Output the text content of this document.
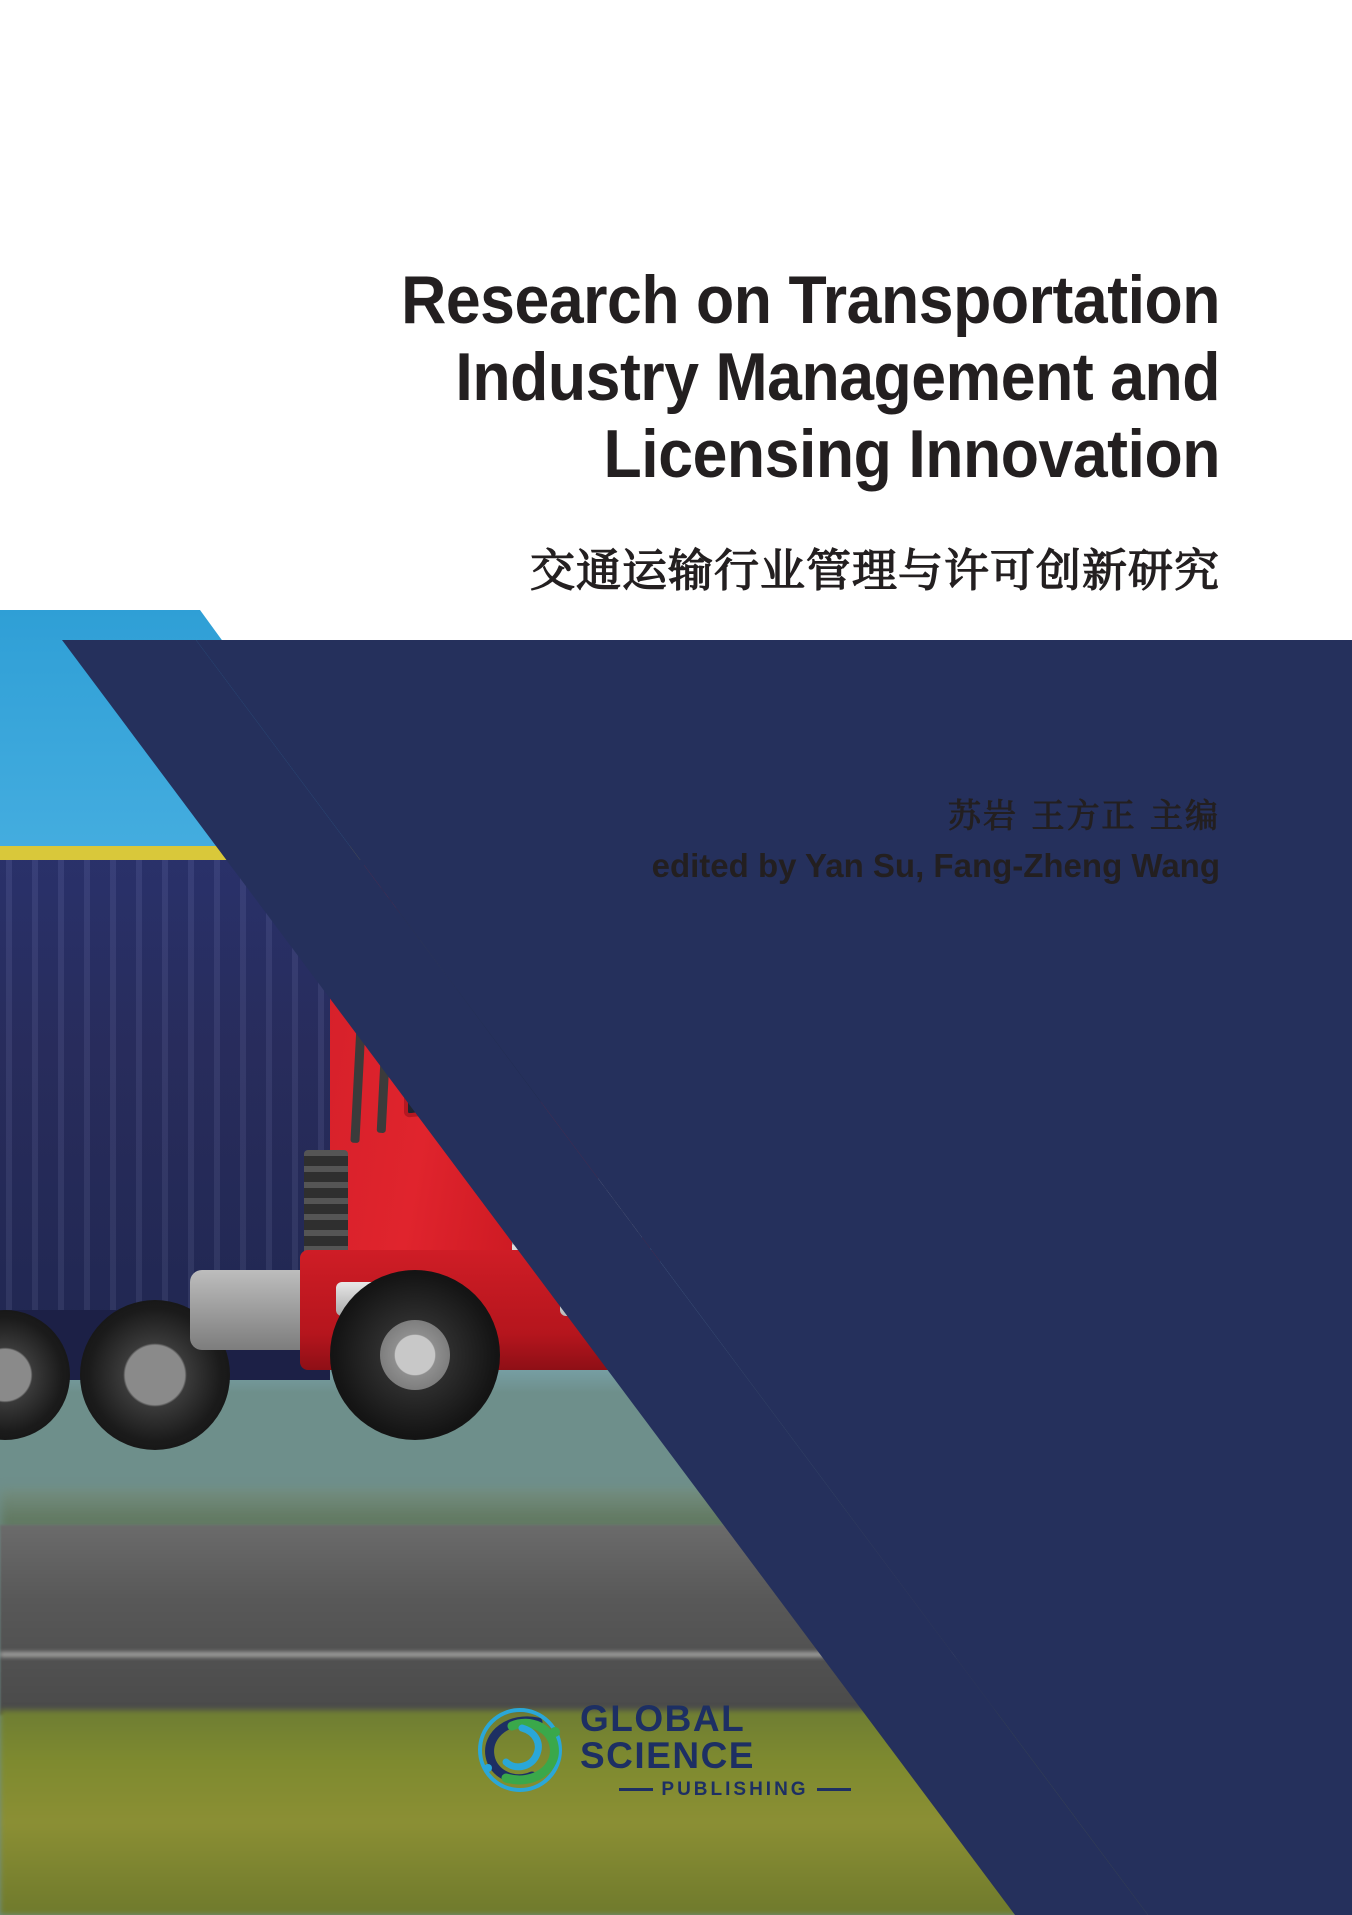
Research on Transportation
Industry Management and
Licensing Innovation
交通运输行业管理与许可创新研究
苏岩 王方正 主编
edited by Yan Su, Fang-Zheng Wang
GLOBAL SCIENCE
PUBLISHING
